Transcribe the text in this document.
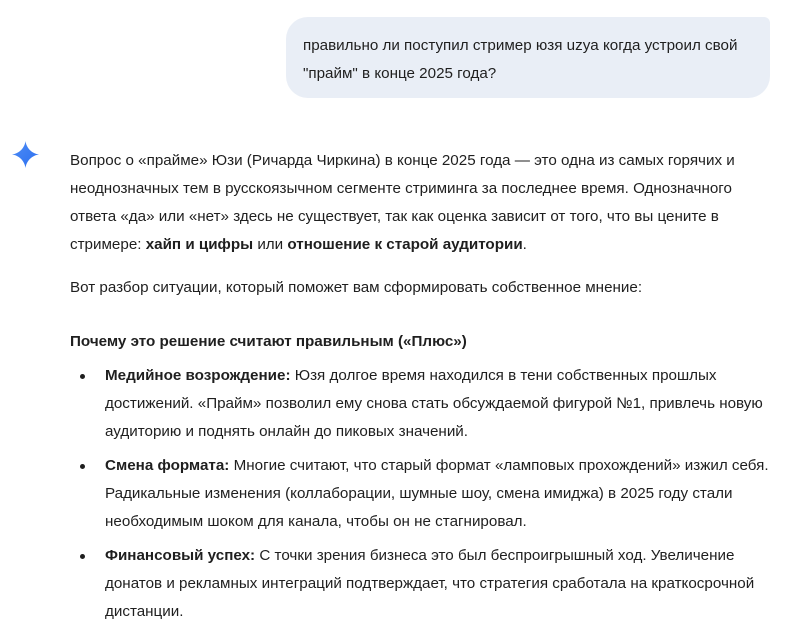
правильно ли поступил стример юзя uzya когда устроил свой "прайм" в конце 2025 года?

Вопрос о «прайме» Юзи (Ричарда Чиркина) в конце 2025 года — это одна из самых горячих и неоднозначных тем в русскоязычном сегменте стриминга за последнее время. Однозначного ответа «да» или «нет» здесь не существует, так как оценка зависит от того, что вы цените в стримере: хайп и цифры или отношение к старой аудитории.

Вот разбор ситуации, который поможет вам сформировать собственное мнение:

Почему это решение считают правильным («Плюс»)

Медийное возрождение: Юзя долгое время находился в тени собственных прошлых достижений. «Прайм» позволил ему снова стать обсуждаемой фигурой №1, привлечь новую аудиторию и поднять онлайн до пиковых значений.
Смена формата: Многие считают, что старый формат «ламповых прохождений» изжил себя. Радикальные изменения (коллаборации, шумные шоу, смена имиджа) в 2025 году стали необходимым шоком для канала, чтобы он не стагнировал.
Финансовый успех: С точки зрения бизнеса это был беспроигрышный ход. Увеличение донатов и рекламных интеграций подтверждает, что стратегия сработала на краткосрочной дистанции.
